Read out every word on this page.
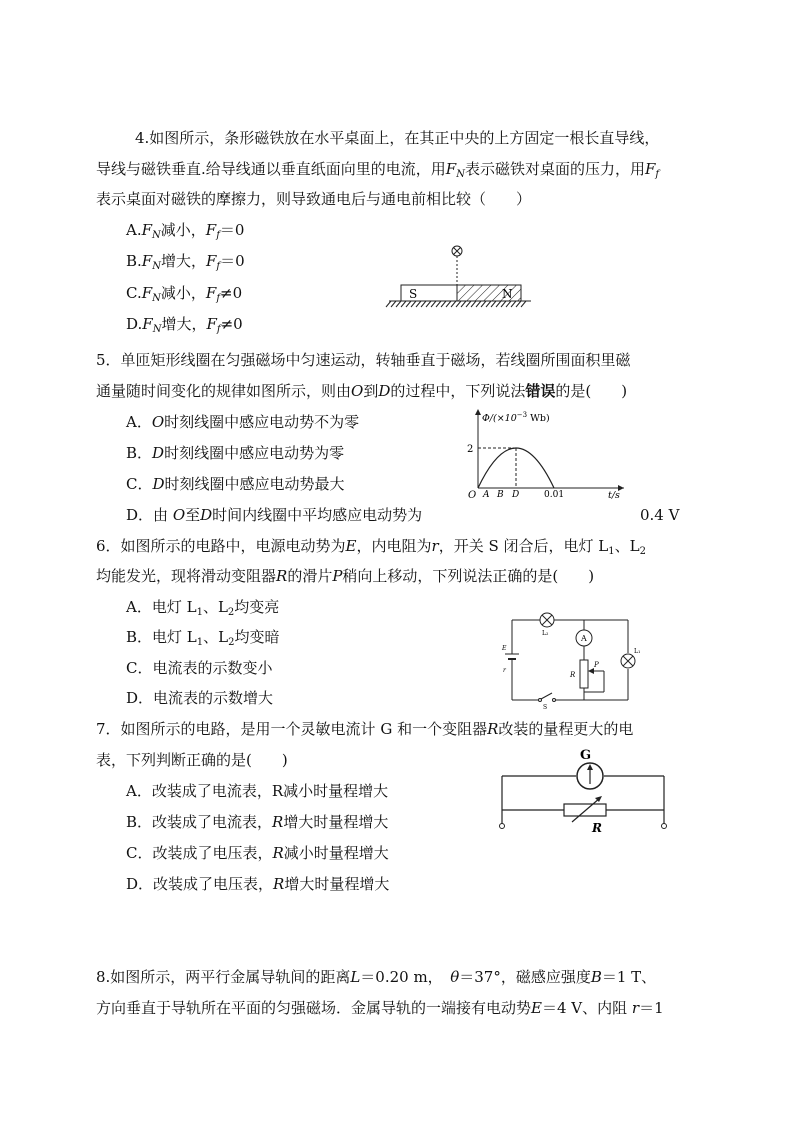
4.如图所示，条形磁铁放在水平桌面上，在其正中央的上方固定一根长直导线，
导线与磁铁垂直.给导线通以垂直纸面向里的电流，用$F_N$表示磁铁对桌面的压力，用$F_f$
表示桌面对磁铁的摩擦力，则导致通电后与通电前相比较（　　）
$A.F_N$减小，$F_f=0$
$B.F_N$增大，$F_f=0$
$C.F_N$减小，$F_f\ne 0$
$D.F_N$增大，$F_f\ne 0$
S	N
5．单匝矩形线圈在匀强磁场中匀速运动，转轴垂直于磁场，若线圈所围面积里磁
通量随时间变化的规律如图所示，则由O到D的过程中，下列说法错误的是(　　)
A．O时刻线圈中感应电动势不为零
B．D时刻线圈中感应电动势为零
C．D时刻线圈中感应电动势最大
D．由 O至D时间内线圈中平均感应电动势为	0.4 V
$\Phi/(\times 10^{-3}$ Wb)
2
O A B D	0.01	t/s
6．如图所示的电路中，电源电动势为E，内电阻为r，开关 S 闭合后，电灯 $L_1$、$L_2$
均能发光，现将滑动变阻器R的滑片P稍向上移动，下列说法正确的是(　　)
A．电灯 $L_1$、$L_2$均变亮
B．电灯 $L_1$、$L_2$均变暗
C．电流表的示数变小
D．电流表的示数增大
L₂
L₁
A
R
P
E
r
S
7．如图所示的电路，是用一个灵敏电流计 G 和一个变阻器R改装的量程更大的电
表，下列判断正确的是(　　)
A．改装成了电流表，R减小时量程增大
B．改装成了电流表，R增大时量程增大
C．改装成了电压表，R减小时量程增大
D．改装成了电压表，R增大时量程增大
G
R
8.如图所示，两平行金属导轨间的距离L＝0.20 m，　 θ＝37°，磁感应强度B＝1 T、
方向垂直于导轨所在平面的匀强磁场．金属导轨的一端接有电动势E＝4 V、内阻 r＝1
